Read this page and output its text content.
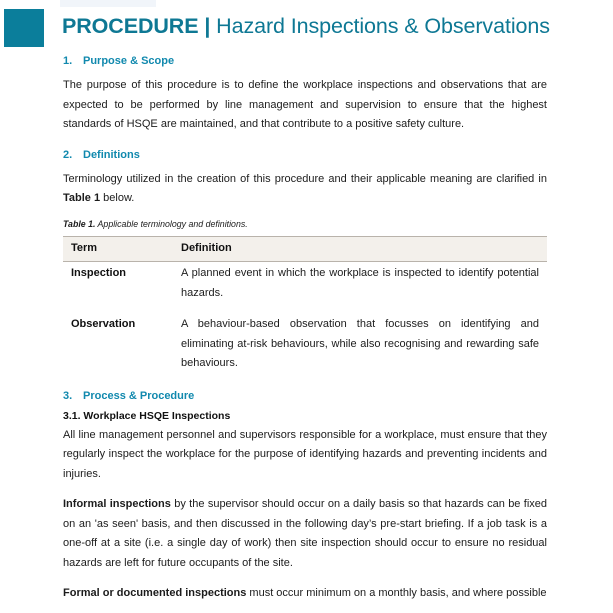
PROCEDURE | Hazard Inspections & Observations
1. Purpose & Scope

The purpose of this procedure is to define the workplace inspections and observations that are expected to be performed by line management and supervision to ensure that the highest standards of HSQE are maintained, and that contribute to a positive safety culture.

2. Definitions

Terminology utilized in the creation of this procedure and their applicable meaning are clarified in Table 1 below.

Table 1. Applicable terminology and definitions.
Term	Definition
Inspection	A planned event in which the workplace is inspected to identify potential hazards.
Observation	A behaviour-based observation that focusses on identifying and eliminating at-risk behaviours, while also recognising and rewarding safe behaviours.
3. Process & Procedure
3.1. Workplace HSQE Inspections

All line management personnel and supervisors responsible for a workplace, must ensure that they regularly inspect the workplace for the purpose of identifying hazards and preventing incidents and injuries.

Informal inspections by the supervisor should occur on a daily basis so that hazards can be fixed on an 'as seen' basis, and then discussed in the following day’s pre-start briefing. If a job task is a one-off at a site (i.e. a single day of work) then site inspection should occur to ensure no residual hazards are left for future occupants of the site.

Formal or documented inspections must occur minimum on a monthly basis, and where possible
